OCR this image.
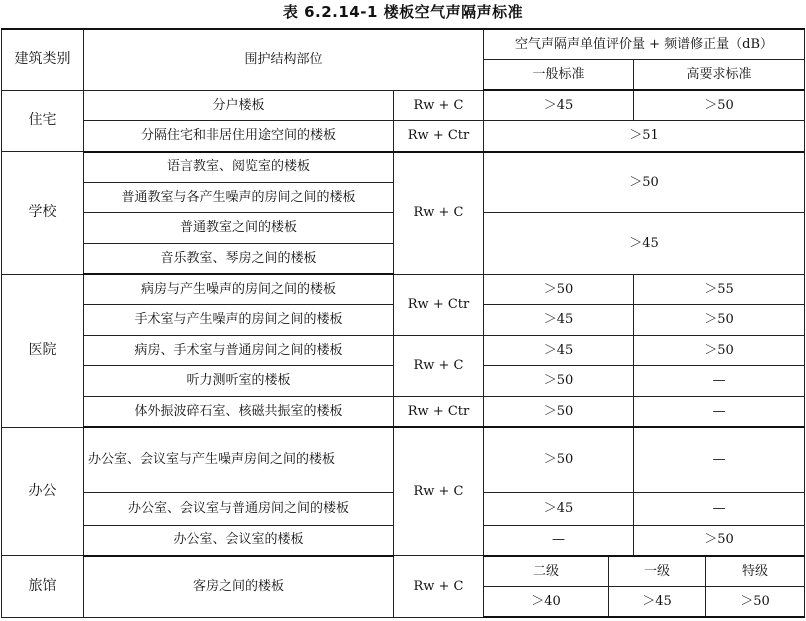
表 6.2.14-1 楼板空气声隔声标准
建筑类别	围护结构部位		空气声隔声单值评价量 + 频谱修正量（dB）			
			一般标准		高要求标准	
住宅	分户楼板	Rw + C	＞45		＞50	
	分隔住宅和非居住用途空间的楼板	Rw + Ctr	＞51			
学校	语言教室、阅览室的楼板	Rw + C	＞50			
	普通教室与各产生噪声的房间之间的楼板					
	普通教室之间的楼板		＞45			
	音乐教室、琴房之间的楼板					
医院	病房与产生噪声的房间之间的楼板	Rw + Ctr	＞50		＞55	
	手术室与产生噪声的房间之间的楼板		＞45		＞50	
	病房、手术室与普通房间之间的楼板	Rw + C	＞45		＞50	
	听力测听室的楼板		＞50		—	
	体外振波碎石室、核磁共振室的楼板	Rw + Ctr	＞50		—	
办公	办公室、会议室与产生噪声房间之间的楼板	Rw + C	＞50		—	
	办公室、会议室与普通房间之间的楼板		＞45		—	
	办公室、会议室的楼板		—		＞50	
旅馆	客房之间的楼板	Rw + C	二级	一级		特级
			＞40	＞45		＞50
